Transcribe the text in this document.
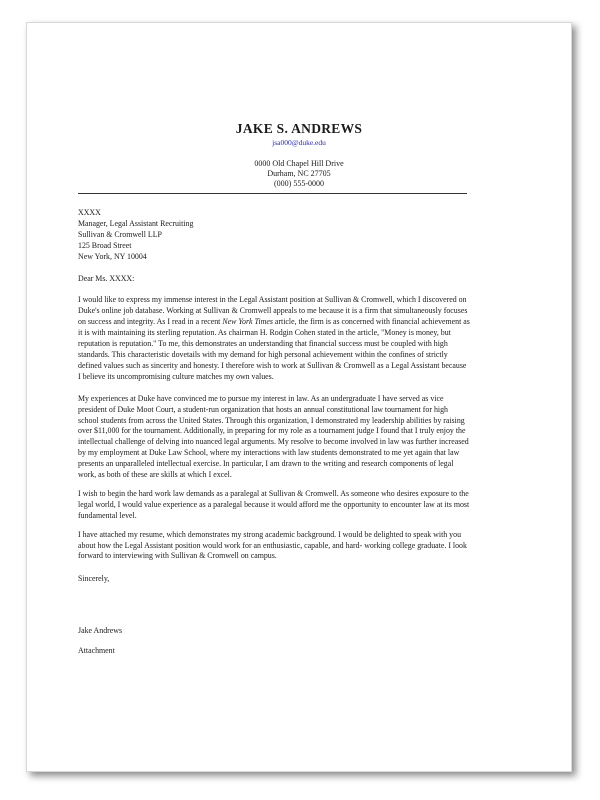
JAKE S. ANDREWS
jsa000@duke.edu
0000 Old Chapel Hill Drive
Durham, NC 27705
(000) 555-0000
XXXX
Manager, Legal Assistant Recruiting
Sullivan & Cromwell LLP
125 Broad Street
New York, NY 10004
Dear Ms. XXXX:

I would like to express my immense interest in the Legal Assistant position at Sullivan & Cromwell, which I discovered on Duke's online job database. Working at Sullivan & Cromwell appeals to me because it is a firm that simultaneously focuses on success and integrity. As I read in a recent New York Times article, the firm is as concerned with financial achievement as it is with maintaining its sterling reputation. As chairman H. Rodgin Cohen stated in the article, "Money is money, but reputation is reputation." To me, this demonstrates an understanding that financial success must be coupled with high standards. This characteristic dovetails with my demand for high personal achievement within the confines of strictly defined values such as sincerity and honesty. I therefore wish to work at Sullivan & Cromwell as a Legal Assistant because I believe its uncompromising culture matches my own values.

My experiences at Duke have convinced me to pursue my interest in law. As an undergraduate I have served as vice president of Duke Moot Court, a student-run organization that hosts an annual constitutional law tournament for high school students from across the United States. Through this organization, I demonstrated my leadership abilities by raising over $11,000 for the tournament. Additionally, in preparing for my role as a tournament judge I found that I truly enjoy the intellectual challenge of delving into nuanced legal arguments. My resolve to become involved in law was further increased by my employment at Duke Law School, where my interactions with law students demonstrated to me yet again that law presents an unparalleled intellectual exercise. In particular, I am drawn to the writing and research components of legal work, as both of these are skills at which I excel.

I wish to begin the hard work law demands as a paralegal at Sullivan & Cromwell. As someone who desires exposure to the legal world, I would value experience as a paralegal because it would afford me the opportunity to encounter law at its most fundamental level.

I have attached my resume, which demonstrates my strong academic background. I would be delighted to speak with you about how the Legal Assistant position would work for an enthusiastic, capable, and hard- working college graduate. I look forward to interviewing with Sullivan & Cromwell on campus.

Sincerely,
Jake Andrews
Attachment
